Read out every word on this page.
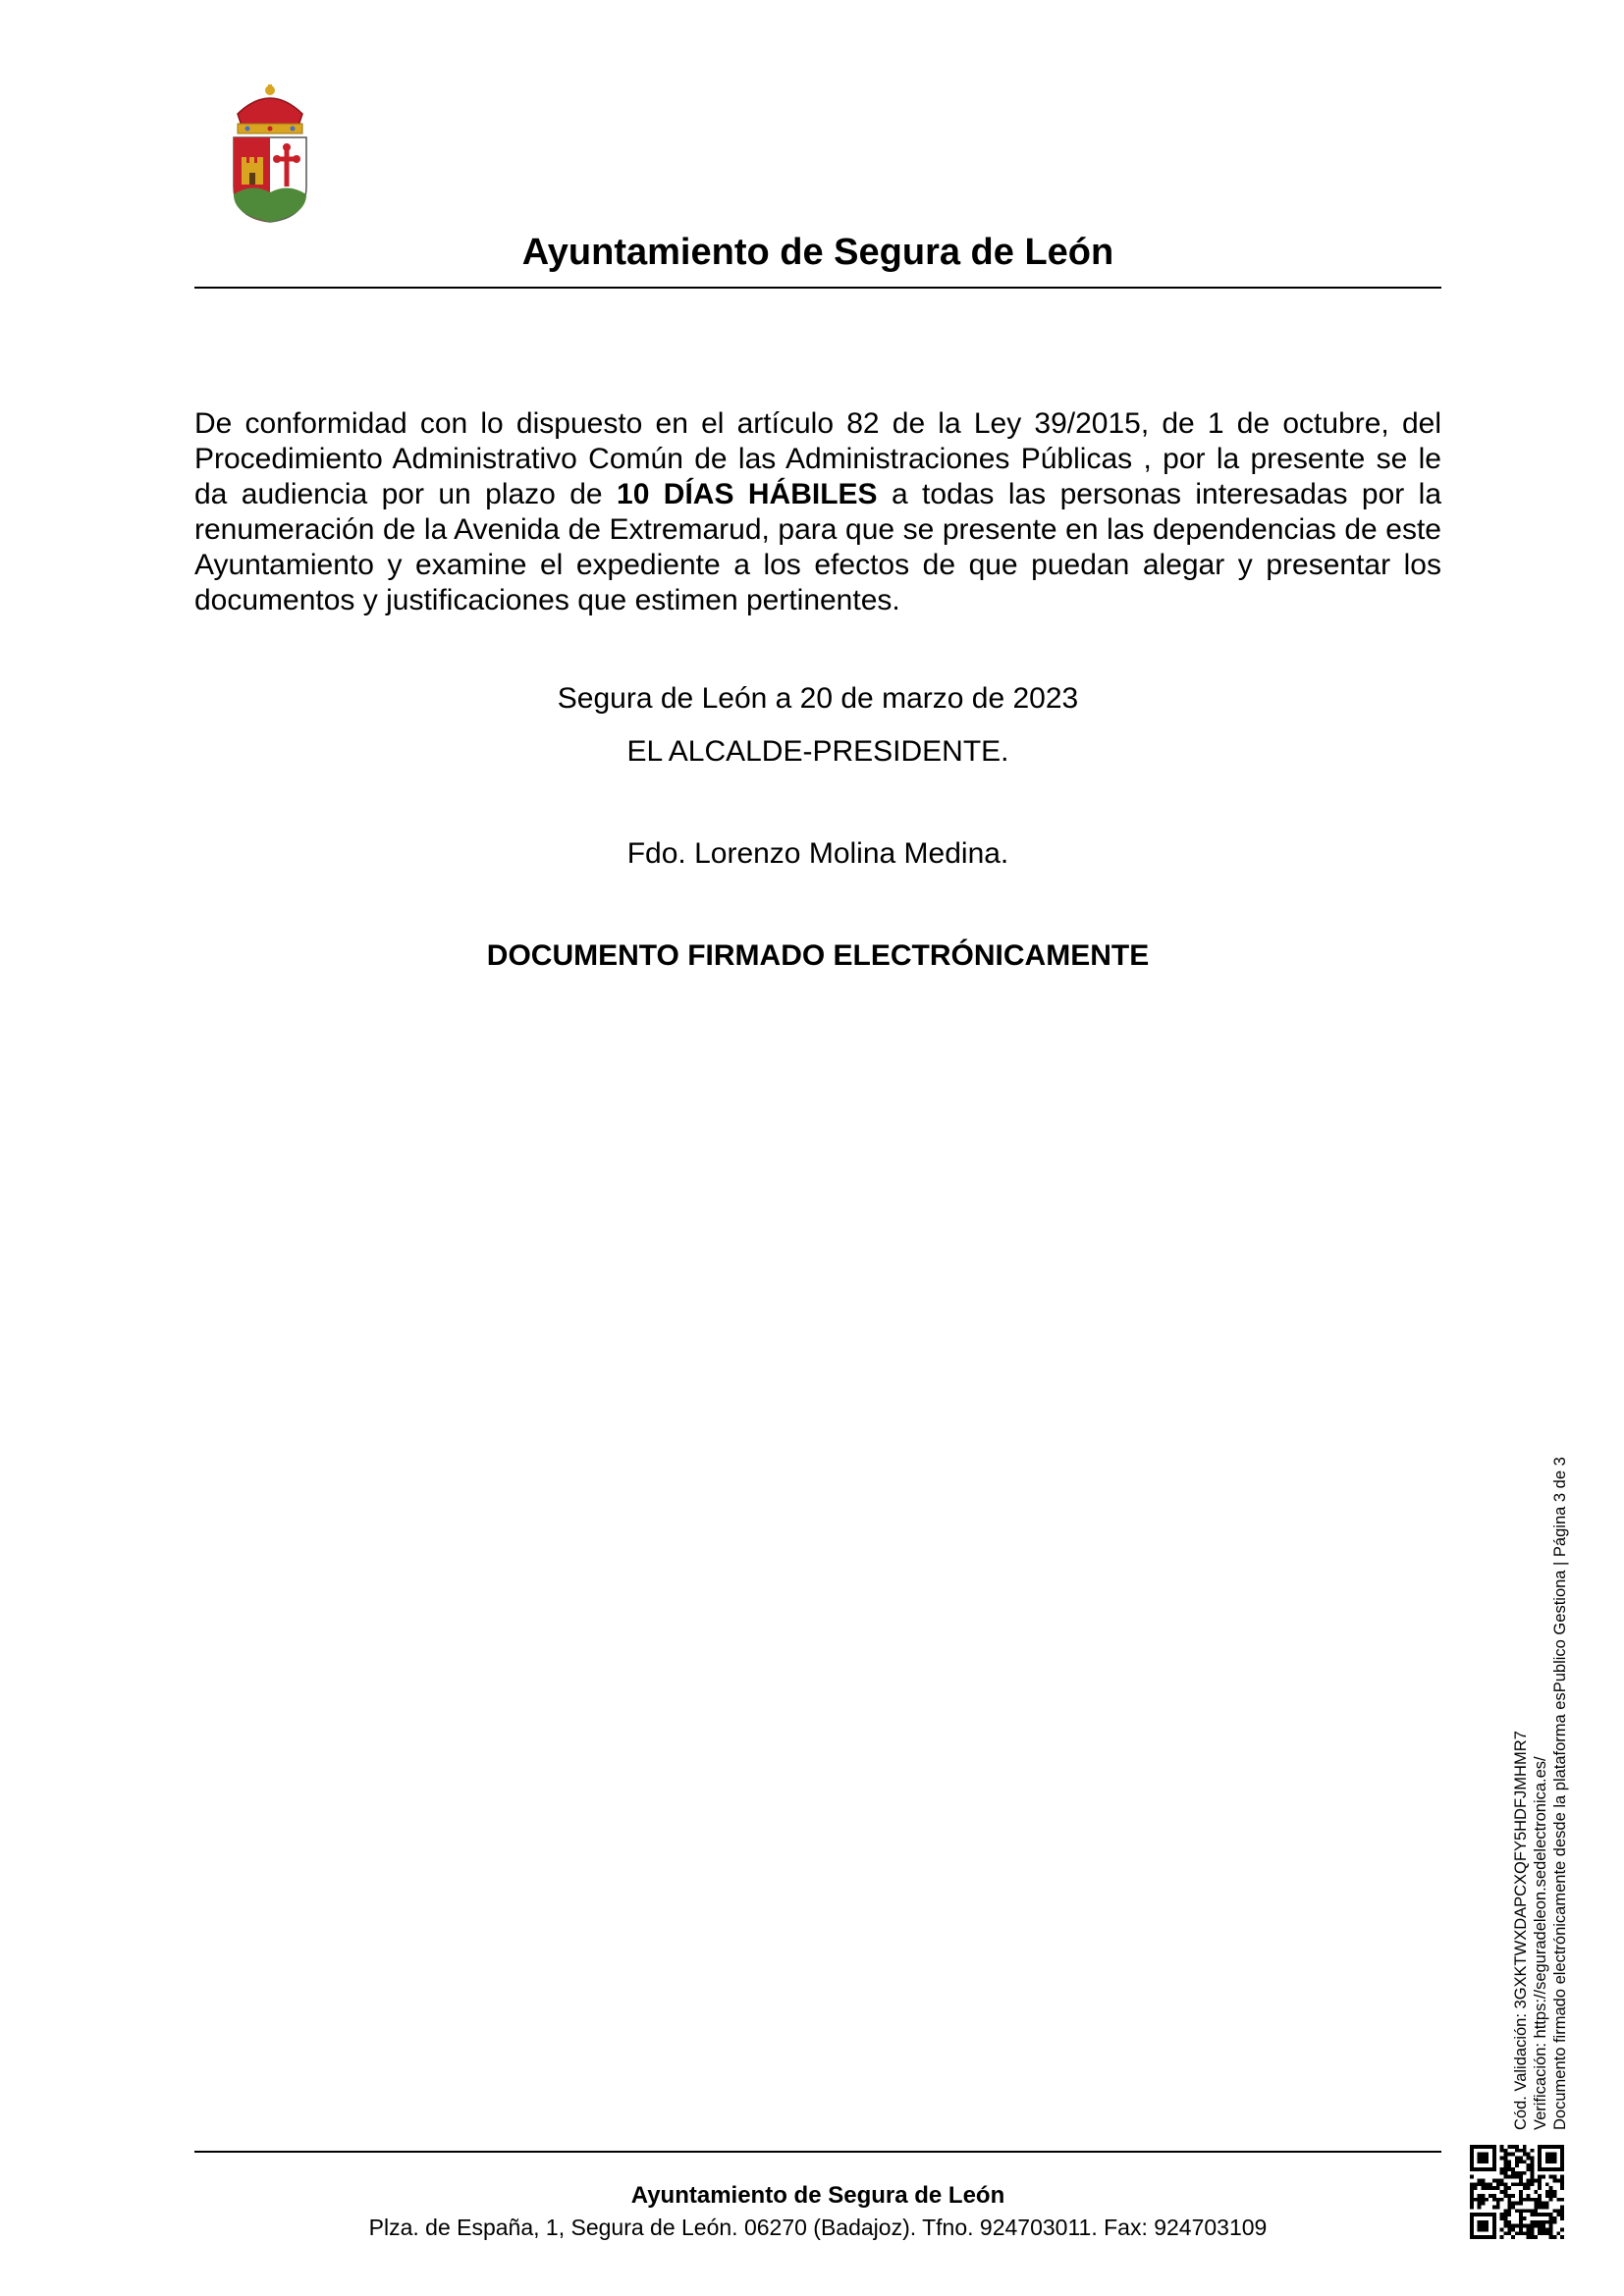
Ayuntamiento de Segura de León
De conformidad con lo dispuesto en el artículo 82 de la Ley 39/2015, de 1 de octubre, del Procedimiento Administrativo Común de las Administraciones Públicas , por la presente se le da audiencia por un plazo de 10 DÍAS HÁBILES a todas las personas interesadas por la renumeración de la Avenida de Extremarud, para que se presente en las dependencias de este Ayuntamiento y examine el expediente a los efectos de que puedan alegar y presentar los documentos y justificaciones que estimen pertinentes.
Segura de León a 20 de marzo de 2023
EL ALCALDE-PRESIDENTE.
Fdo. Lorenzo Molina Medina.
DOCUMENTO FIRMADO ELECTRÓNICAMENTE
Cód. Validación: 3GXKTWXDAPCXQFY5HDFJMHMR7 Verificación: https://seguradeleon.sedelectronica.es/ Documento firmado electrónicamente desde la plataforma esPublico Gestiona | Página 3 de 3
Ayuntamiento de Segura de León
Plza. de España, 1, Segura de León. 06270 (Badajoz). Tfno. 924703011. Fax: 924703109
